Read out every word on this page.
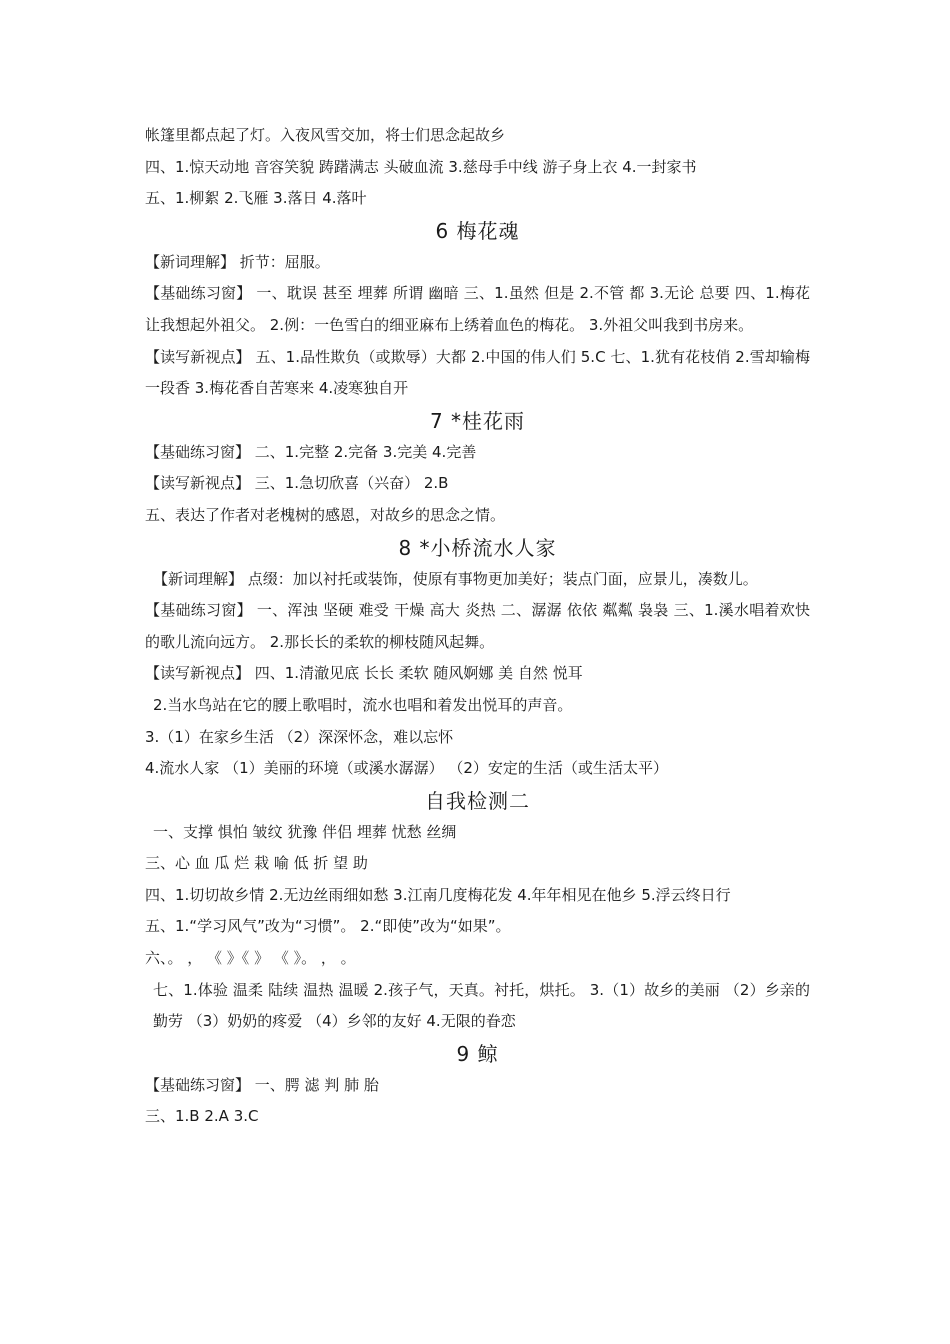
帐篷里都点起了灯。入夜风雪交加，将士们思念起故乡
四、1.惊天动地 音容笑貌 踌躇满志 头破血流 3.慈母手中线 游子身上衣 4.一封家书
五、1.柳絮 2.飞雁 3.落日 4.落叶
6 梅花魂
【新词理解】 折节：屈服。
【基础练习窗】 一、耽误 甚至 埋葬 所谓 幽暗 三、1.虽然 但是 2.不管 都 3.无论 总要 四、1.梅花让我想起外祖父。 2.例：一色雪白的细亚麻布上绣着血色的梅花。 3.外祖父叫我到书房来。
【读写新视点】 五、1.品性欺负（或欺辱）大都 2.中国的伟人们 5.C 七、1.犹有花枝俏 2.雪却输梅一段香 3.梅花香自苦寒来 4.凌寒独自开
7 *桂花雨
【基础练习窗】 二、1.完整 2.完备 3.完美 4.完善
【读写新视点】 三、1.急切欣喜（兴奋） 2.B
五、表达了作者对老槐树的感恩，对故乡的思念之情。
8 *小桥流水人家
【新词理解】 点缀：加以衬托或装饰，使原有事物更加美好；装点门面，应景儿，凑数儿。
【基础练习窗】 一、浑浊 坚硬 难受 干燥 高大 炎热 二、潺潺 依依 粼粼 袅袅 三、1.溪水唱着欢快的歌儿流向远方。 2.那长长的柔软的柳枝随风起舞。
【读写新视点】 四、1.清澈见底 长长 柔软 随风婀娜 美 自然 悦耳
2.当水鸟站在它的腰上歌唱时，流水也唱和着发出悦耳的声音。
3.（1）在家乡生活 （2）深深怀念，难以忘怀
4.流水人家 （1）美丽的环境（或溪水潺潺） （2）安定的生活（或生活太平）
自我检测二
一、支撑 惧怕 皱纹 犹豫 伴侣 埋葬 忧愁 丝绸
三、心 血 瓜 烂 栽 喻 低 折 望 助
四、1.切切故乡情 2.无边丝雨细如愁 3.江南几度梅花发 4.年年相见在他乡 5.浮云终日行
五、1.“学习风气”改为“习惯”。 2.“即使”改为“如果”。
六、。 ， 《 》《 》 《 》。 ， 。
七、1.体验 温柔 陆续 温热 温暖 2.孩子气，天真。衬托，烘托。 3.（1）故乡的美丽 （2）乡亲的勤劳 （3）奶奶的疼爱 （4）乡邻的友好 4.无限的眷恋
9 鲸
【基础练习窗】 一、腭 滤 判 肺 胎
三、1.B 2.A 3.C
